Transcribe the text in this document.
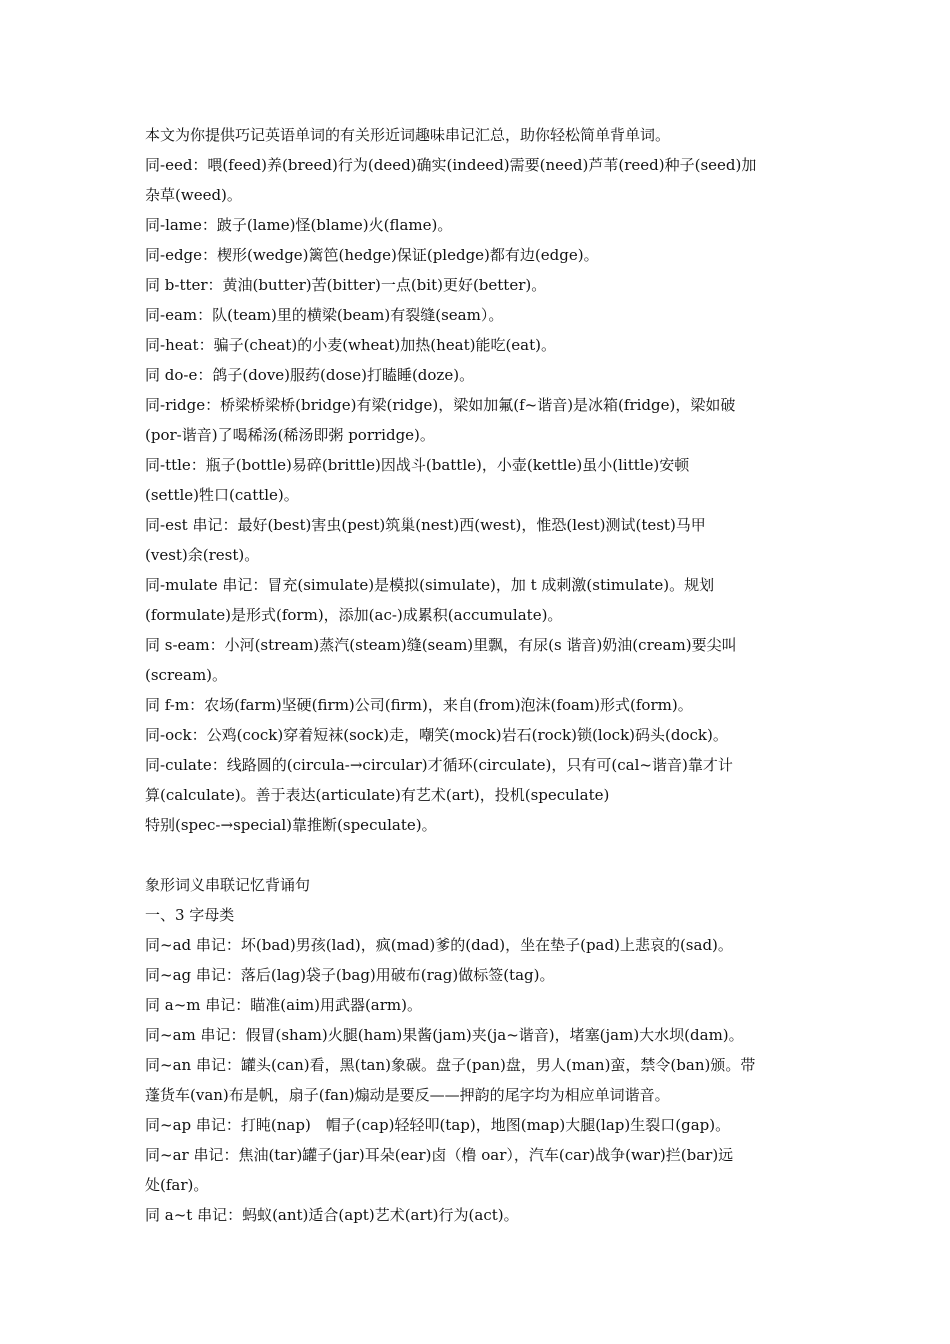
本文为你提供巧记英语单词的有关形近词趣味串记汇总，助你轻松简单背单词。
同-eed：喂(feed)养(breed)行为(deed)确实(indeed)需要(need)芦苇(reed)种子(seed)加
杂草(weed)。
同-lame：跛子(lame)怪(blame)火(flame)。
同-edge：楔形(wedge)篱笆(hedge)保证(pledge)都有边(edge)。
同 b-tter：黄油(butter)苦(bitter)一点(bit)更好(better)。
同-eam：队(team)里的横梁(beam)有裂缝(seam）。
同-heat：骗子(cheat)的小麦(wheat)加热(heat)能吃(eat)。
同 do-e：鸽子(dove)服药(dose)打瞌睡(doze)。
同-ridge：桥梁桥梁桥(bridge)有梁(ridge)，梁如加氟(f~谐音)是冰箱(fridge)，梁如破
(por-谐音)了喝稀汤(稀汤即粥 porridge)。
同-ttle：瓶子(bottle)易碎(brittle)因战斗(battle)，小壶(kettle)虽小(little)安顿
(settle)牲口(cattle)。
同-est 串记：最好(best)害虫(pest)筑巢(nest)西(west)，惟恐(lest)测试(test)马甲
(vest)余(rest)。
同-mulate 串记：冒充(simulate)是模拟(simulate)，加 t 成刺激(stimulate)。规划
(formulate)是形式(form)，添加(ac-)成累积(accumulate)。
同 s-eam：小河(stream)蒸汽(steam)缝(seam)里飘，有尿(s 谐音)奶油(cream)要尖叫
(scream)。
同 f-m：农场(farm)坚硬(firm)公司(firm)，来自(from)泡沫(foam)形式(form)。
同-ock：公鸡(cock)穿着短袜(sock)走，嘲笑(mock)岩石(rock)锁(lock)码头(dock)。
同-culate：线路圆的(circula-→circular)才循环(circulate)，只有可(cal~谐音)靠才计
算(calculate)。善于表达(articulate)有艺术(art)，投机(speculate)
特别(spec-→special)靠推断(speculate)。
象形词义串联记忆背诵句
一、3 字母类
同~ad 串记：坏(bad)男孩(lad)，疯(mad)爹的(dad)，坐在垫子(pad)上悲哀的(sad)。
同~ag 串记：落后(lag)袋子(bag)用破布(rag)做标签(tag)。
同 a~m 串记：瞄准(aim)用武器(arm)。
同~am 串记：假冒(sham)火腿(ham)果酱(jam)夹(ja~谐音)，堵塞(jam)大水坝(dam)。
同~an 串记：罐头(can)看，黑(tan)象碳。盘子(pan)盘，男人(man)蛮，禁令(ban)颁。带
蓬货车(van)布是帆，扇子(fan)煽动是要反——押韵的尾字均为相应单词谐音。
同~ap 串记：打盹(nap)　帽子(cap)轻轻叩(tap)，地图(map)大腿(lap)生裂口(gap)。
同~ar 串记：焦油(tar)罐子(jar)耳朵(ear)卤（橹 oar），汽车(car)战争(war)拦(bar)远
处(far)。
同 a~t 串记：蚂蚁(ant)适合(apt)艺术(art)行为(act)。
